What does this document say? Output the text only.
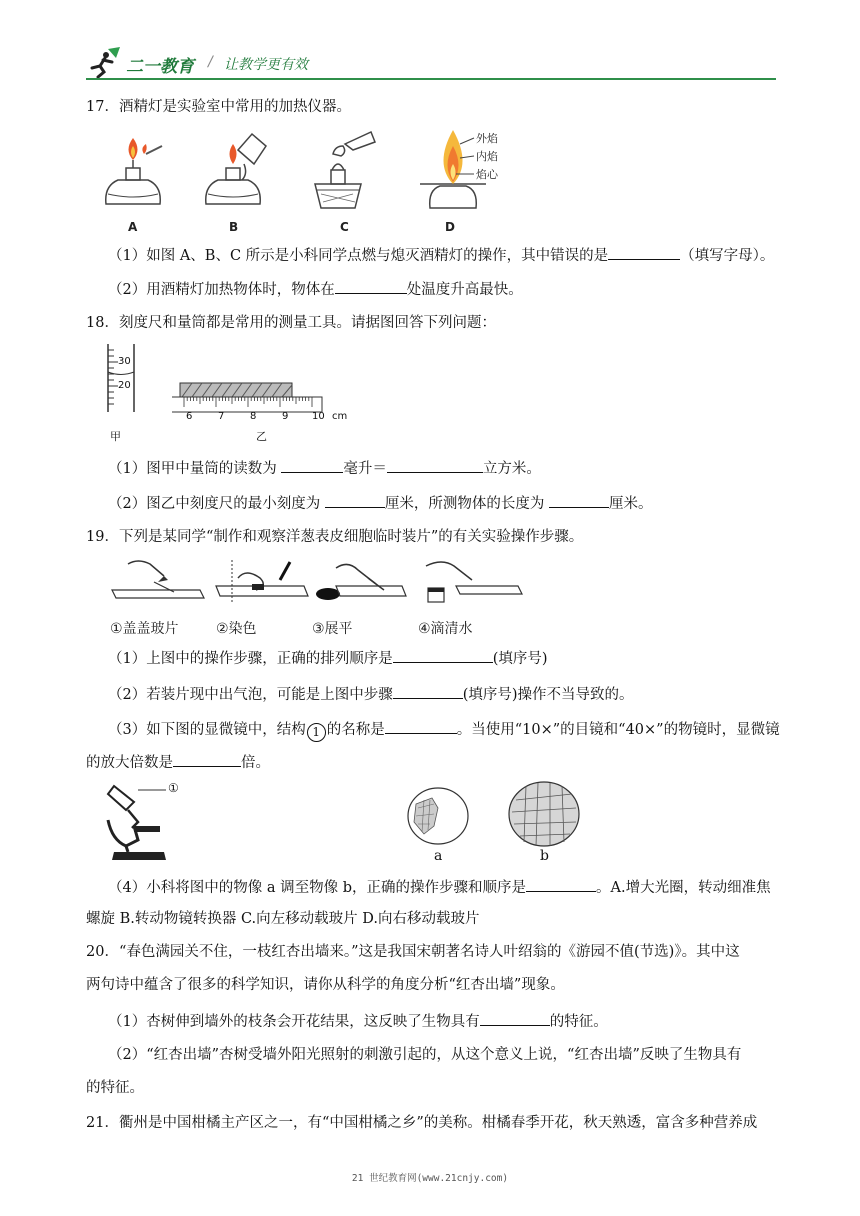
二一教育 / 让教学更有效
17．酒精灯是实验室中常用的加热仪器。
外焰
内焰
焰心
A	B	C	D
（1）如图 A、B、C 所示是小科同学点燃与熄灭酒精灯的操作，其中错误的是	（填写字母）。
（2）用酒精灯加热物体时，物体在	处温度升高最快。
18．刻度尺和量筒都是常用的测量工具。请据图回答下列问题：
30
20
6	7	8	9 10 cm
甲	乙
（1）图甲中量筒的读数为	毫升＝	立方米。
（2）图乙中刻度尺的最小刻度为	厘米，所测物体的长度为	厘米。
19．下列是某同学“制作和观察洋葱表皮细胞临时装片”的有关实验操作步骤。
①盖盖玻片	②染色	③展平	④滴清水
（1）上图中的操作步骤，正确的排列顺序是	(填序号)
（2）若装片现中出气泡，可能是上图中步骤	(填序号)操作不当导致的。
（3）如下图的显微镜中，结构 1 的名称是	。当使用“10×”的目镜和“40×”的物镜时，显微镜
的放大倍数是	倍。
①
a	b
（4）小科将图中的物像 a 调至物像 b，正确的操作步骤和顺序是	。A.增大光圈，转动细准焦
螺旋 B.转动物镜转换器 C.向左移动载玻片 D.向右移动载玻片
20．“春色满园关不住，一枝红杏出墙来。”这是我国宋朝著名诗人叶绍翁的《游园不值(节选)》。其中这
两句诗中蕴含了很多的科学知识，请你从科学的角度分析“红杏出墙”现象。
（1）杏树伸到墙外的枝条会开花结果，这反映了生物具有	的特征。
（2）“红杏出墙”杏树受墙外阳光照射的刺激引起的，从这个意义上说，“红杏出墙”反映了生物具有
的特征。
21．衢州是中国柑橘主产区之一，有“中国柑橘之乡”的美称。柑橘春季开花，秋天熟透，富含多种营养成
21 世纪教育网(www.21cnjy.com)
